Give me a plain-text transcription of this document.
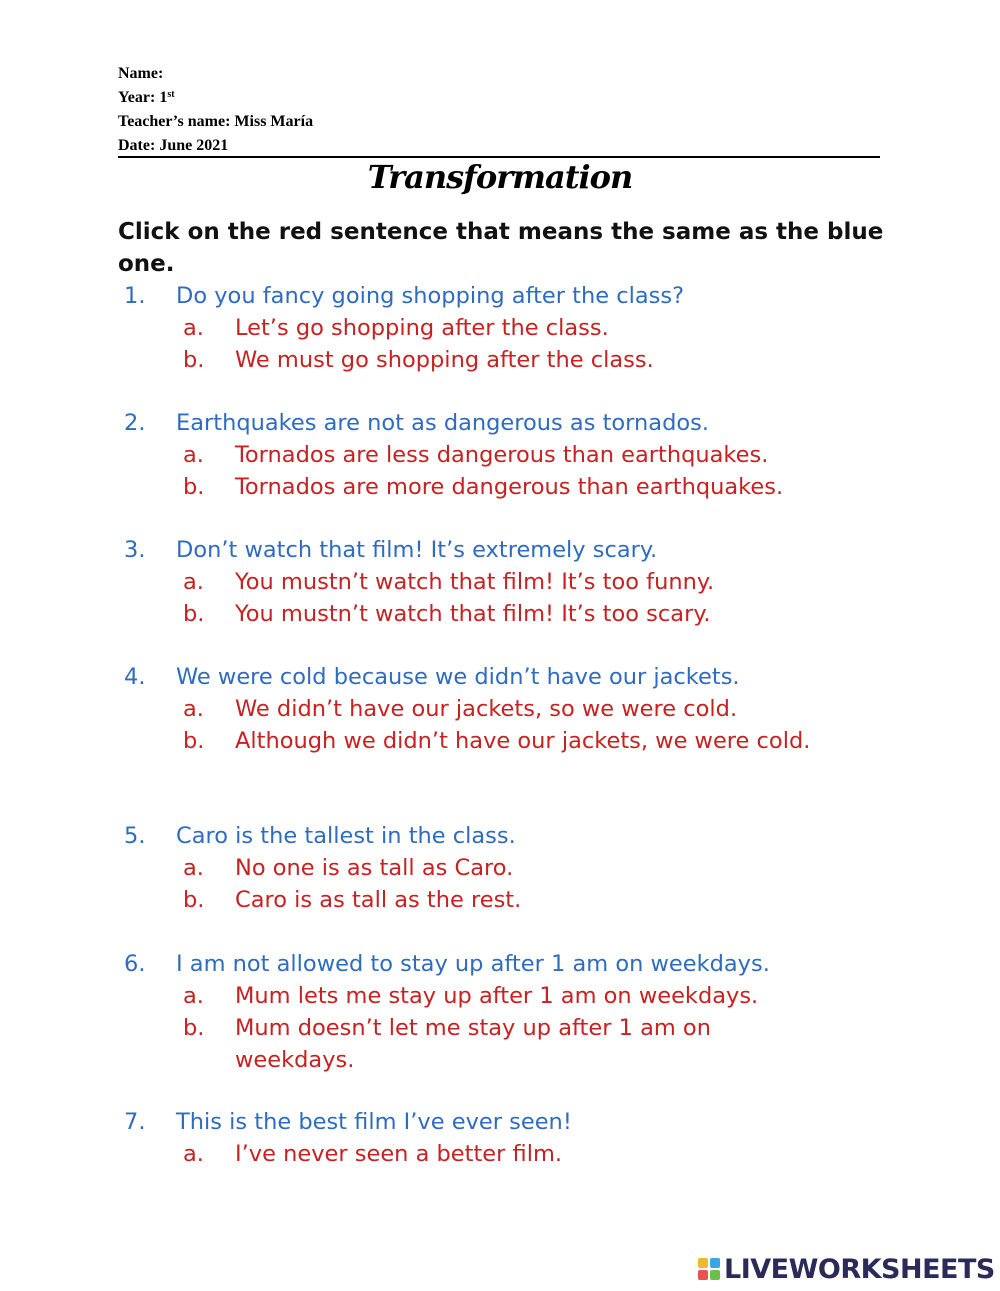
Name:
Year: 1st
Teacher’s name: Miss María
Date: June 2021
Transformation
Click on the red sentence that means the same as the blue one.
1. Do you fancy going shopping after the class?
a. Let’s go shopping after the class.
b. We must go shopping after the class.
2. Earthquakes are not as dangerous as tornados.
a. Tornados are less dangerous than earthquakes.
b. Tornados are more dangerous than earthquakes.
3. Don’t watch that film! It’s extremely scary.
a. You mustn’t watch that film! It’s too funny.
b. You mustn’t watch that film! It’s too scary.
4. We were cold because we didn’t have our jackets.
a. We didn’t have our jackets, so we were cold.
b. Although we didn’t have our jackets, we were cold.
5. Caro is the tallest in the class.
a. No one is as tall as Caro.
b. Caro is as tall as the rest.
6. I am not allowed to stay up after 1 am on weekdays.
a. Mum lets me stay up after 1 am on weekdays.
b. Mum doesn’t let me stay up after 1 am on weekdays.
7. This is the best film I’ve ever seen!
a. I’ve never seen a better film.
LIVEWORKSHEETS
